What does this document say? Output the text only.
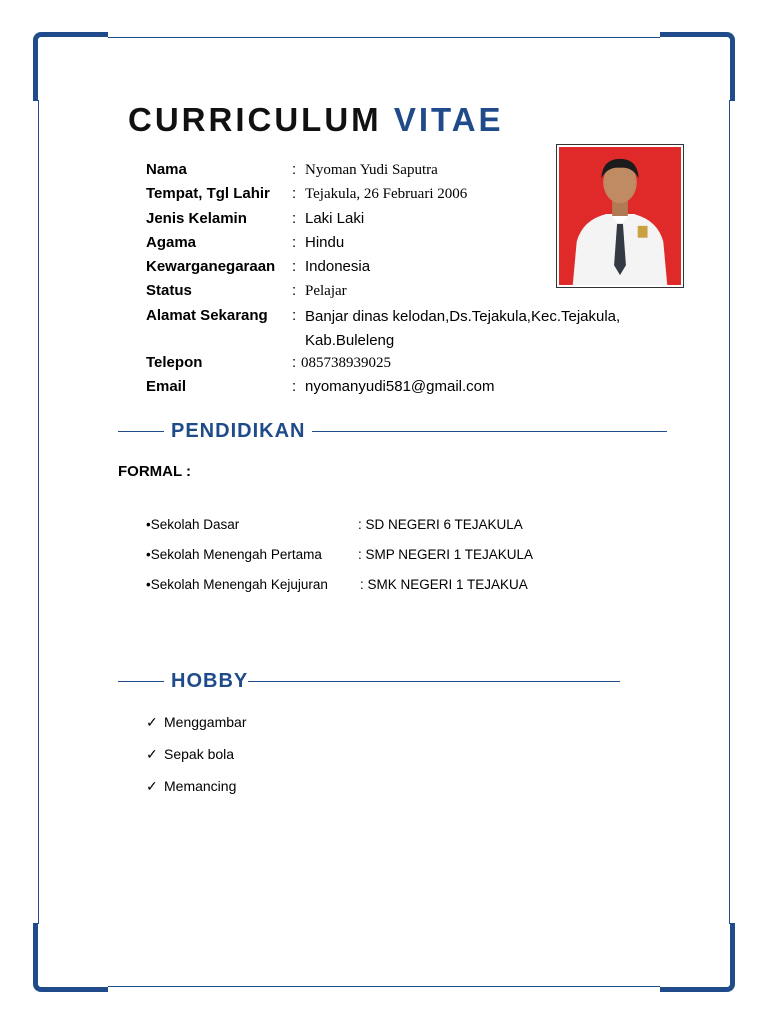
CURRICULUM VITAE
Nama	: Nyoman Yudi Saputra
Tempat, Tgl Lahir : Tejakula, 26 Februari 2006
Jenis Kelamin	: Laki Laki
Agama	: Hindu
Kewarganegaraan : Indonesia
Status	: Pelajar
Alamat Sekarang : Banjar dinas kelodan,Ds.Tejakula,Kec.Tejakula, Kab.Buleleng
Telepon	: 085738939025
Email	: nyomanyudi581@gmail.com
PENDIDIKAN
FORMAL :
•Sekolah Dasar	: SD NEGERI 6 TEJAKULA
•Sekolah Menengah Pertama	: SMP NEGERI 1 TEJAKULA
•Sekolah Menengah Kejujuran : SMK NEGERI 1 TEJAKUA
HOBBY
✓ Menggambar
✓ Sepak bola
✓ Memancing
